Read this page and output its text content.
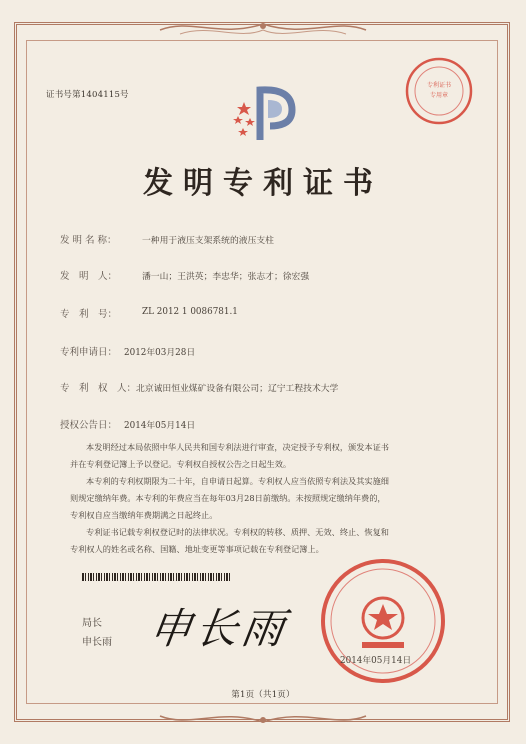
证书号第1404115号
专利证书
专用章
发明专利证书
发 明 名 称：	一种用于液压支架系统的液压支柱
发　明　人：	潘一山；王洪英；李忠华；张志才；徐宏强
专　利　号：	ZL 2012 1 0086781.1
专利申请日： 2012年03月28日
专　利　权　人： 北京诚田恒业煤矿设备有限公司；辽宁工程技术大学
授权公告日： 2014年05月14日
本发明经过本局依照中华人民共和国专利法进行审查，决定授予专利权，颁发本证书
并在专利登记簿上予以登记。专利权自授权公告之日起生效。
本专利的专利权期限为二十年，自申请日起算。专利权人应当依照专利法及其实施细
则规定缴纳年费。本专利的年费应当在每年03月28日前缴纳。未按照规定缴纳年费的，
专利权自应当缴纳年费期满之日起终止。
专利证书记载专利权登记时的法律状况。专利权的转移、质押、无效、终止、恢复和
专利权人的姓名或名称、国籍、地址变更等事项记载在专利登记簿上。
局长
申长雨 申长雨
2014年05月14日
第1页（共1页）
